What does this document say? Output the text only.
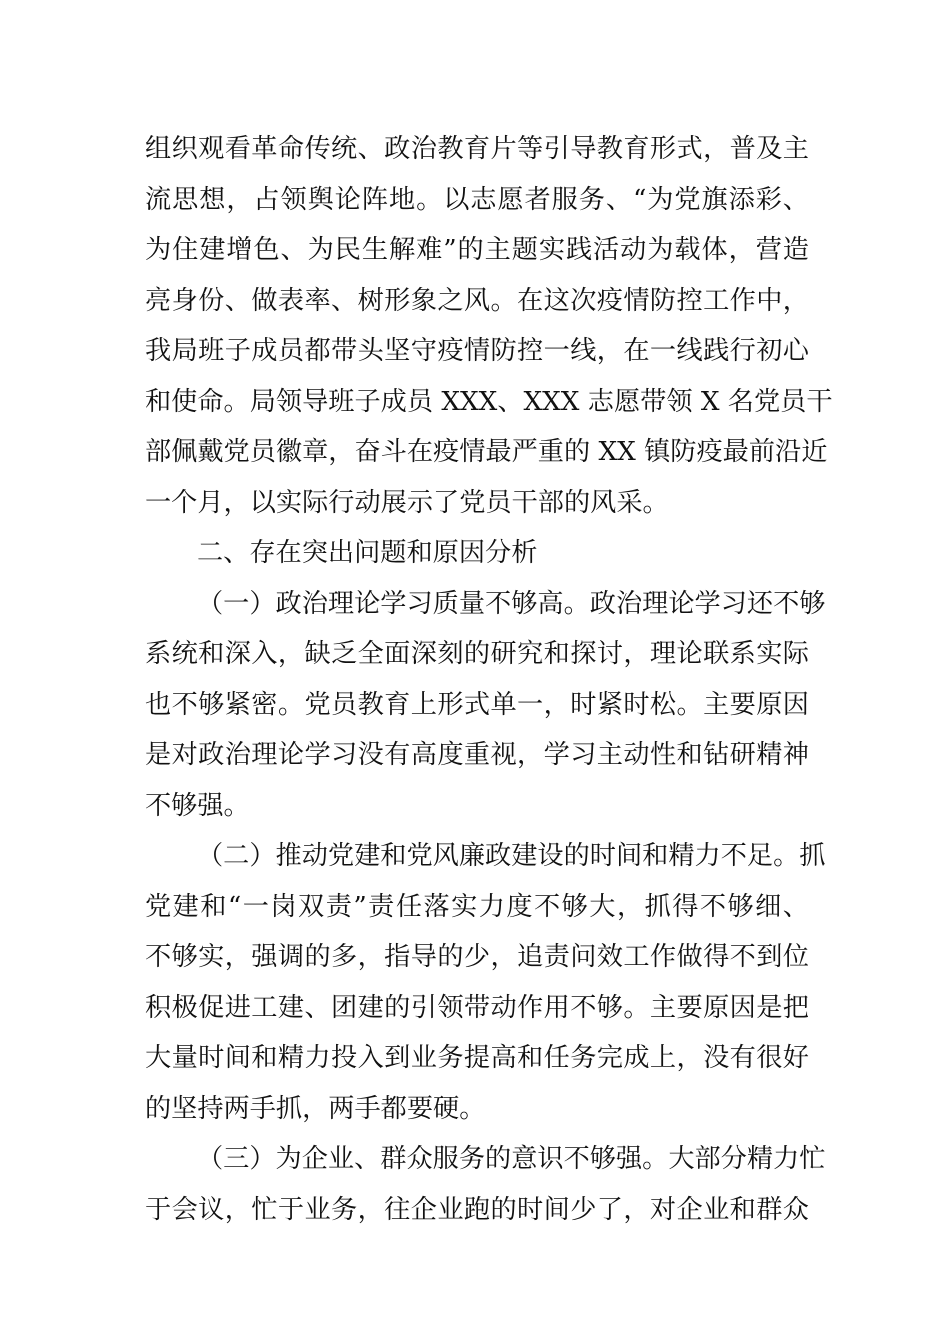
组织观看革命传统、政治教育片等引导教育形式，普及主
流思想，占领舆论阵地。以志愿者服务、“为党旗添彩、
为住建增色、为民生解难”的主题实践活动为载体，营造
亮身份、做表率、树形象之风。在这次疫情防控工作中，
我局班子成员都带头坚守疫情防控一线，在一线践行初心
和使命。局领导班子成员 XXX、XXX 志愿带领 X 名党员干
部佩戴党员徽章，奋斗在疫情最严重的 XX 镇防疫最前沿近
一个月，以实际行动展示了党员干部的风采。

二、存在突出问题和原因分析

（一）政治理论学习质量不够高。政治理论学习还不够
系统和深入，缺乏全面深刻的研究和探讨，理论联系实际
也不够紧密。党员教育上形式单一，时紧时松。主要原因
是对政治理论学习没有高度重视，学习主动性和钻研精神
不够强。

（二）推动党建和党风廉政建设的时间和精力不足。抓
党建和“一岗双责”责任落实力度不够大，抓得不够细、
不够实，强调的多，指导的少，追责问效工作做得不到位
积极促进工建、团建的引领带动作用不够。主要原因是把
大量时间和精力投入到业务提高和任务完成上，没有很好
的坚持两手抓，两手都要硬。

（三）为企业、群众服务的意识不够强。大部分精力忙
于会议，忙于业务，往企业跑的时间少了，对企业和群众
